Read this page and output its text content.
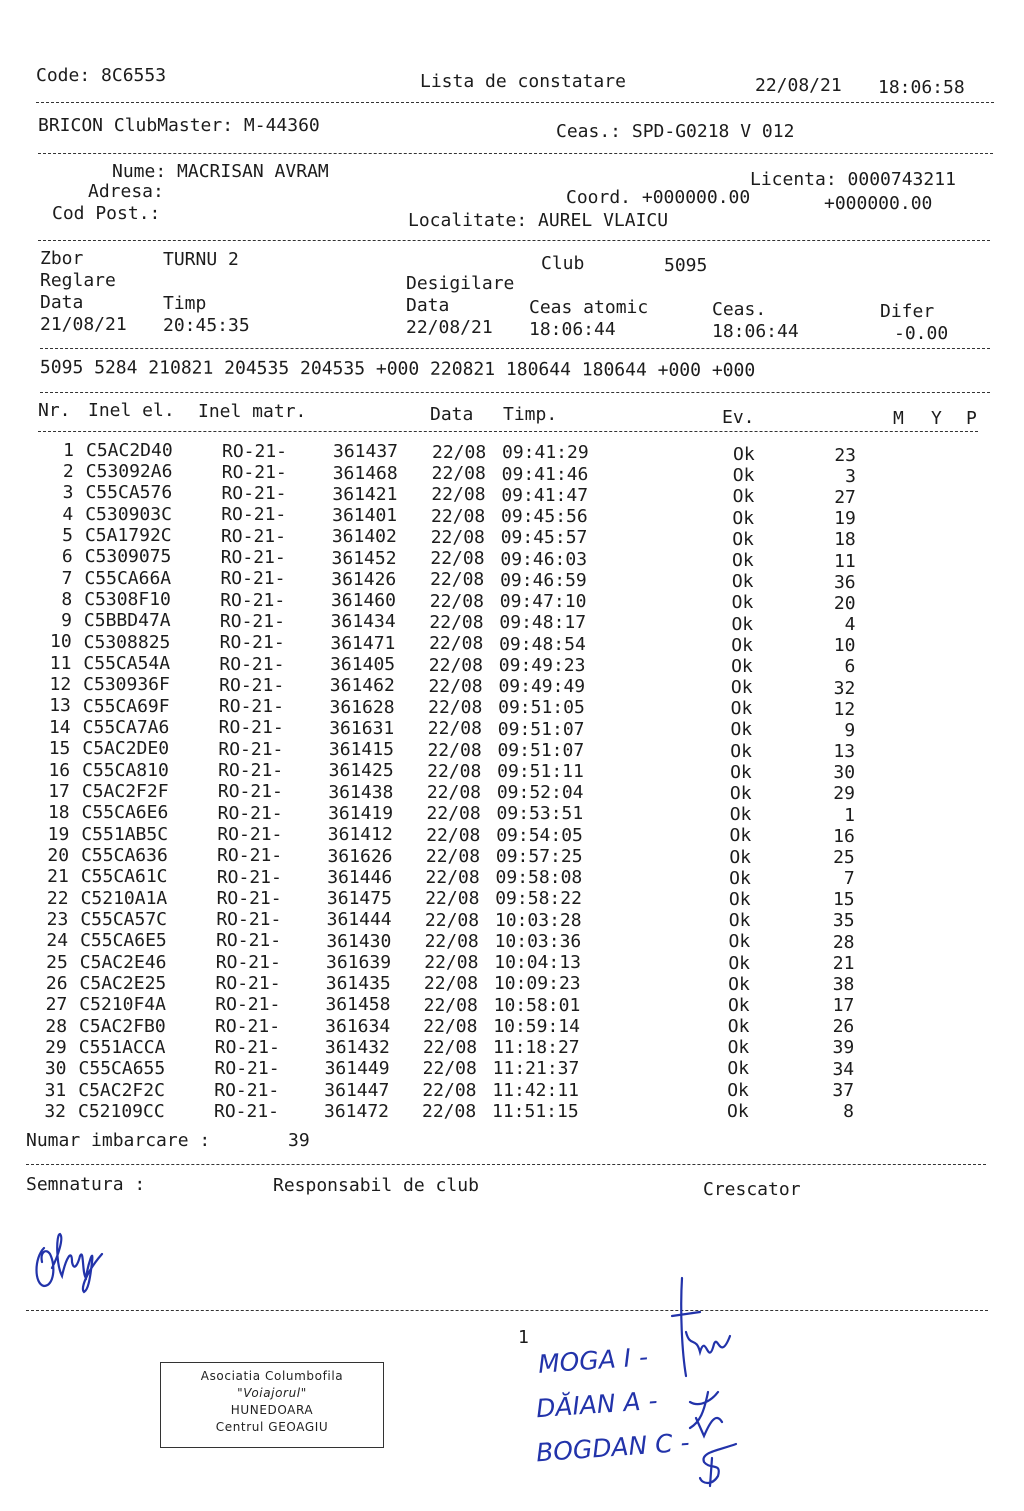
Code: 8C6553	Lista de constatare	22/08/21 18:06:58
BRICON ClubMaster: M-44360	Ceas.: SPD-G0218 V 012
Nume: MACRISAN AVRAM	Licenta: 0000743211
Adresa:	Coord. +000000.00	+000000.00
Cod Post.:	Localitate: AUREL VLAICU
Zbor	TURNU 2	Club	5095
Reglare	Desigilare
Data	Timp	Data	Ceas atomic	Ceas.	Difer
21/08/21 20:45:35	22/08/21 18:06:44	18:06:44	-0.00
5095 5284 210821 204535 204535 +000 220821 180644 180644 +000 +000
Nr. Inel el. Inel matr.	Data Timp.	Ev.	M Y P
1 C5AC2D40	RO-21-	361437 22/08 09:41:29	Ok	23
2 C53092A6	RO-21-	361468 22/08 09:41:46	Ok	3
3 C55CA576	RO-21-	361421 22/08 09:41:47	Ok	27
4 C530903C	RO-21-	361401 22/08 09:45:56	Ok	19
5 C5A1792C	RO-21-	361402 22/08 09:45:57	Ok	18
6 C5309075	RO-21-	361452 22/08 09:46:03	Ok	11
7 C55CA66A	RO-21-	361426 22/08 09:46:59	Ok	36
8 C5308F10	RO-21-	361460 22/08 09:47:10	Ok	20
9 C5BBD47A	RO-21-	361434 22/08 09:48:17	Ok	4
10 C5308825	RO-21-	361471 22/08 09:48:54	Ok	10
11 C55CA54A	RO-21-	361405 22/08 09:49:23	Ok	6
12 C530936F	RO-21-	361462 22/08 09:49:49	Ok	32
13 C55CA69F	RO-21-	361628 22/08 09:51:05	Ok	12
14 C55CA7A6	RO-21-	361631 22/08 09:51:07	Ok	9
15 C5AC2DE0	RO-21-	361415 22/08 09:51:07	Ok	13
16 C55CA810	RO-21-	361425 22/08 09:51:11	Ok	30
17 C5AC2F2F	RO-21-	361438 22/08 09:52:04	Ok	29
18 C55CA6E6	RO-21-	361419 22/08 09:53:51	Ok	1
19 C551AB5C	RO-21-	361412 22/08 09:54:05	Ok	16
20 C55CA636	RO-21-	361626 22/08 09:57:25	Ok	25
21 C55CA61C	RO-21-	361446 22/08 09:58:08	Ok	7
22 C5210A1A	RO-21-	361475 22/08 09:58:22	Ok	15
23 C55CA57C	RO-21-	361444 22/08 10:03:28	Ok	35
24 C55CA6E5	RO-21-	361430 22/08 10:03:36	Ok	28
25 C5AC2E46	RO-21-	361639 22/08 10:04:13	Ok	21
26 C5AC2E25	RO-21-	361435 22/08 10:09:23	Ok	38
27 C5210F4A	RO-21-	361458 22/08 10:58:01	Ok	17
28 C5AC2FB0	RO-21-	361634 22/08 10:59:14	Ok	26
29 C551ACCA	RO-21-	361432 22/08 11:18:27	Ok	39
30 C55CA655	RO-21-	361449 22/08 11:21:37	Ok	34
31 C5AC2F2C	RO-21-	361447 22/08 11:42:11	Ok	37
32 C52109CC	RO-21- 361472 22/08 11:51:15	Ok	8
Numar imbarcare :	39
Semnatura :	Responsabil de club	Crescator
1
Asociatia Columbofila
"Voiajorul"
HUNEDOARA
Centrul GEOAGIU
MOGA I -
DĂIAN A -
BOGDAN C -
